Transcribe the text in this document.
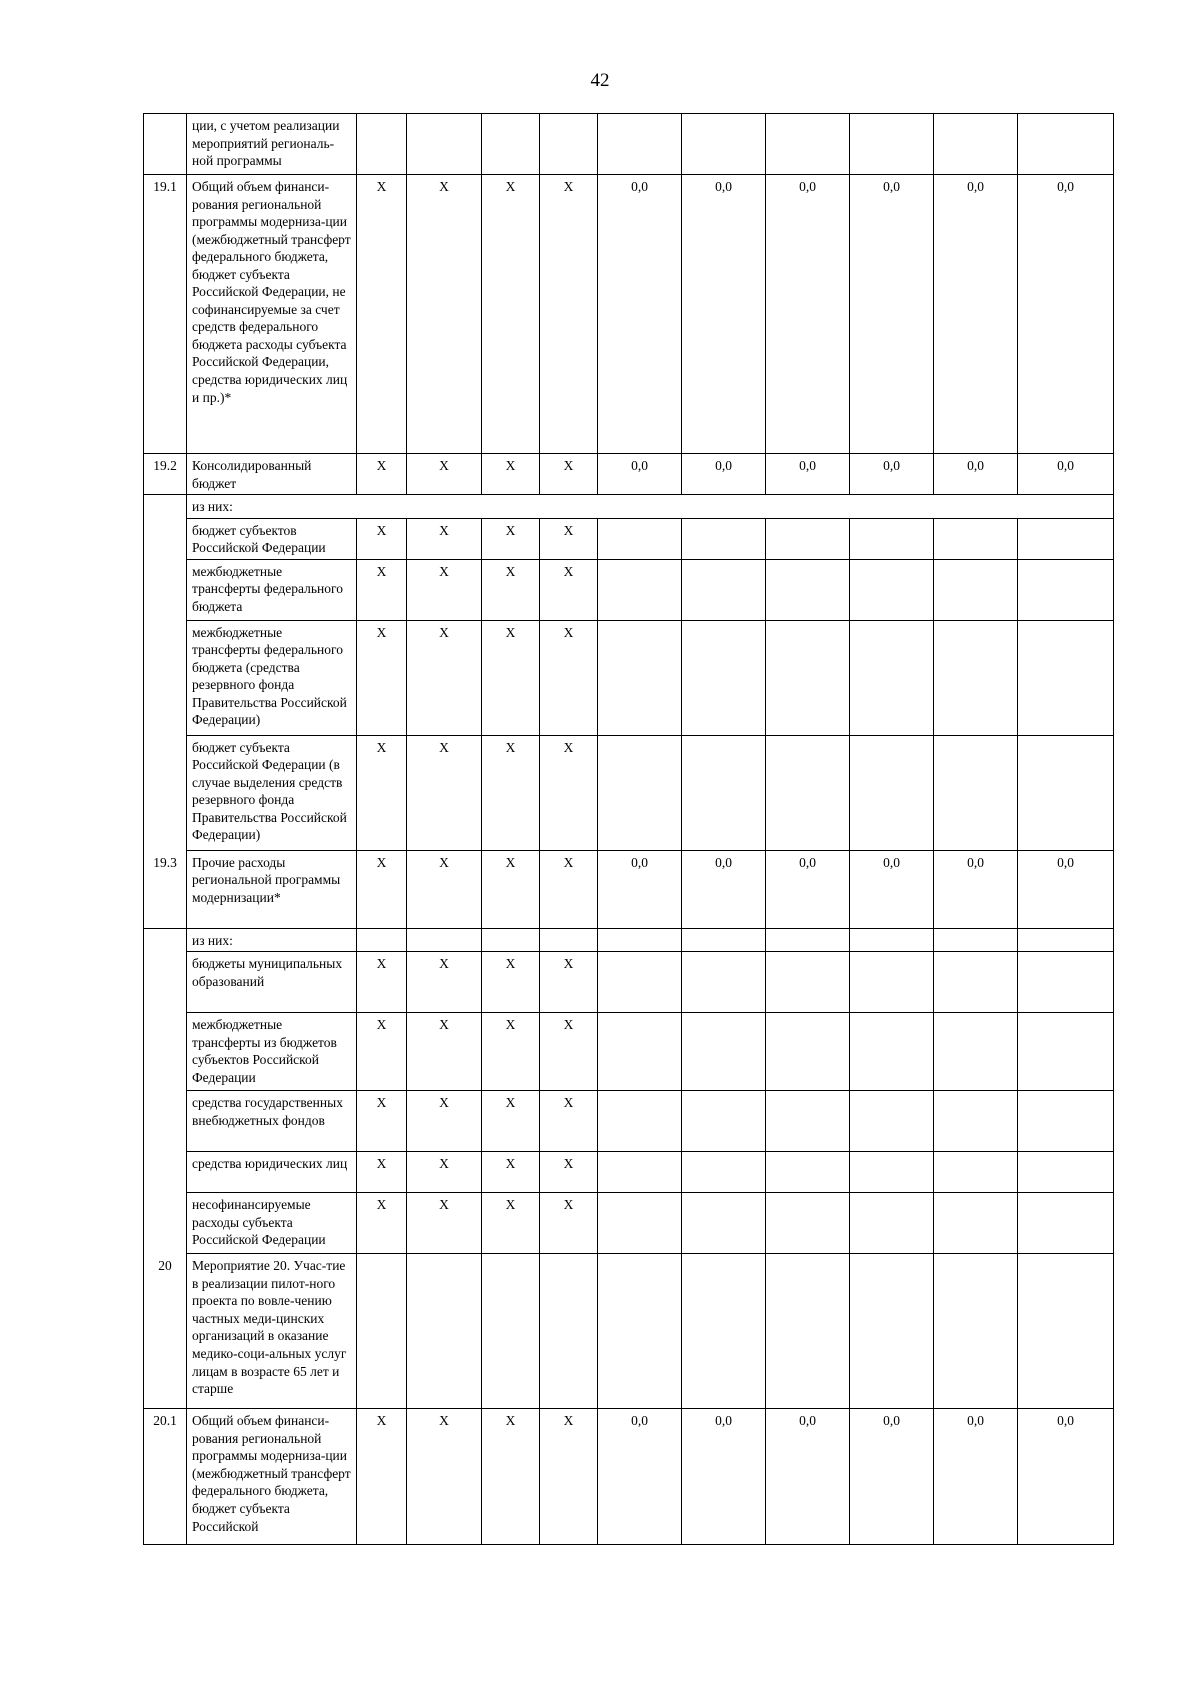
42
	ции, с учетом реализации мероприятий региональ-ной программы										
19.1	Общий объем финанси-рования региональной программы модерниза-ции (межбюджетный трансферт федерального бюджета, бюджет субъекта Российской Федерации, не софинансируемые за счет средств федерального бюджета расходы субъекта Российской Федерации, средства юридических лиц и пр.)*	X	X	X	X	0,0	0,0	0,0	0,0	0,0	0,0
19.2	Консолидированный бюджет	X	X	X	X	0,0	0,0	0,0	0,0	0,0	0,0
	из них:										
	бюджет субъектов Российской Федерации	X	X	X	X						
	межбюджетные трансферты федерального бюджета	X	X	X	X						
	межбюджетные трансферты федерального бюджета (средства резервного фонда Правительства Российской Федерации)	X	X	X	X						
	бюджет субъекта Российской Федерации (в случае выделения средств резервного фонда Правительства Российской Федерации)	X	X	X	X						
19.3	Прочие расходы региональной программы модернизации*	X	X	X	X	0,0	0,0	0,0	0,0	0,0	0,0
	из них:										
	бюджеты муниципальных образований	X	X	X	X						
	межбюджетные трансферты из бюджетов субъектов Российской Федерации	X	X	X	X						
	средства государственных внебюджетных фондов	X	X	X	X						
	средства юридических лиц	X	X	X	X						
	несофинансируемые расходы субъекта Российской Федерации	X	X	X	X						
20	Мероприятие 20. Учас-тие в реализации пилот-ного проекта по вовле-чению частных меди-цинских организаций в оказание медико-соци-альных услуг лицам в возрасте 65 лет и старше										
20.1	Общий объем финанси-рования региональной программы модерниза-ции (межбюджетный трансферт федерального бюджета, бюджет субъекта Российской	X	X	X	X	0,0	0,0	0,0	0,0	0,0	0,0
